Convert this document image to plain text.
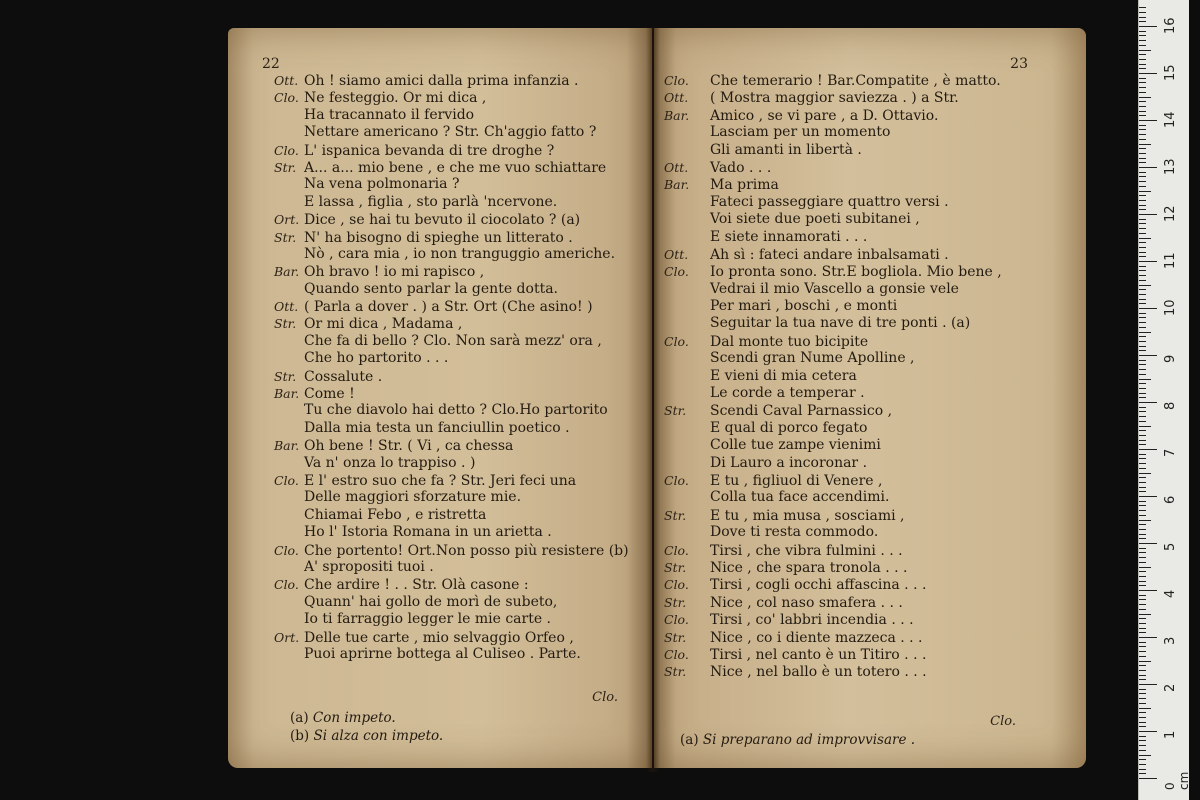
22
Ott. Oh ! siamo amici dalla prima infanzia .
Clo. Ne festeggio. Or mi dica ,
Ha tracannato il fervido
Nettare americano ? Str. Ch'aggio fatto ?
Clo. L' ispanica bevanda di tre droghe ?
Str. A... a... mio bene , e che me vuo schiattare
Na vena polmonaria ?
E lassa , figlia , sto parlà 'ncervone.
Ort. Dice , se hai tu bevuto il ciocolato ? (a)
Str. N' ha bisogno di spieghe un litterato .
Nò , cara mia , io non tranguggio americhe.
Bar. Oh bravo ! io mi rapisco ,
Quando sento parlar la gente dotta.
Ott. ( Parla a dover . ) a Str. Ort (Che asino! )
Str. Or mi dica , Madama ,
Che fa di bello ? Clo. Non sarà mezz' ora ,
Che ho partorito . . .
Str. Cossalute .
Bar. Come !
Tu che diavolo hai detto ? Clo.Ho partorito
Dalla mia testa un fanciullin poetico .
Bar. Oh bene ! Str. ( Vi , ca chessa
Va n' onza lo trappiso . )
Clo. E l' estro suo che fa ? Str. Jeri feci una
Delle maggiori sforzature mie.
Chiamai Febo , e ristretta
Ho l' Istoria Romana in un arietta .
Clo. Che portento! Ort.Non posso più resistere (b)
A' spropositi tuoi .
Clo. Che ardire ! . . Str. Olà casone :
Quann' hai gollo de morì de subeto,
Io ti farraggio legger le mie carte .
Ort. Delle tue carte , mio selvaggio Orfeo ,
Puoi aprirne bottega al Culiseo . Parte.
Clo.
(a) Con impeto.
(b) Si alza con impeto.
23
Clo. Che temerario ! Bar.Compatite , è matto.
Ott. ( Mostra maggior saviezza . ) a Str.
Bar. Amico , se vi pare , a D. Ottavio.
Lasciam per un momento
Gli amanti in libertà .
Ott. Vado . . .
Bar. Ma prima
Fateci passeggiare quattro versi .
Voi siete due poeti subitanei ,
E siete innamorati . . .
Ott. Ah sì : fateci andare inbalsamati .
Clo. Io pronta sono. Str.E bogliola. Mio bene ,
Vedrai il mio Vascello a gonsie vele
Per mari , boschi , e monti
Seguitar la tua nave di tre ponti . (a)
Clo. Dal monte tuo bicipite
Scendi gran Nume Apolline ,
E vieni di mia cetera
Le corde a temperar .
Str. Scendi Caval Parnassico ,
E qual di porco fegato
Colle tue zampe vienimi
Di Lauro a incoronar .
Clo. E tu , figliuol di Venere ,
Colla tua face accendimi.
Str. E tu , mia musa , sosciami ,
Dove ti resta commodo.
Clo. Tirsi , che vibra fulmini . . .
Str. Nice , che spara tronola . . .
Clo. Tirsi , cogli occhi affascina . . .
Str. Nice , col naso smafera . . .
Clo. Tirsi , co' labbri incendia . . .
Str. Nice , co i diente mazzeca . . .
Clo. Tirsi , nel canto è un Titiro . . .
Str. Nice , nel ballo è un totero . . .
Clo.
(a) Si preparano ad improvvisare .
0 cm
1
2
3
4
5
6
7
8
9
10
11
12
13
14
15
16
